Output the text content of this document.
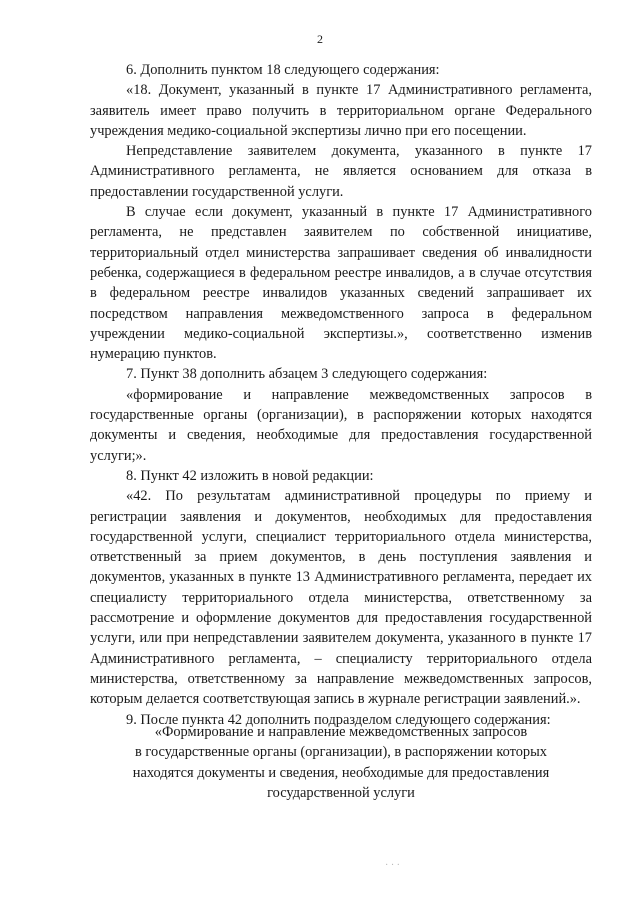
2

6. Дополнить пунктом 18 следующего содержания:

«18. Документ, указанный в пункте 17 Административного регламента, заявитель имеет право получить в территориальном органе Федерального учреждения медико-социальной экспертизы лично при его посещении.

Непредставление заявителем документа, указанного в пункте 17 Административного регламента, не является основанием для отказа в предоставлении государственной услуги.

В случае если документ, указанный в пункте 17 Административного регламента, не представлен заявителем по собственной инициативе, территориальный отдел министерства запрашивает сведения об инвалидности ребенка, содержащиеся в федеральном реестре инвалидов, а в случае отсутствия в федеральном реестре инвалидов указанных сведений запрашивает их посредством направления межведомственного запроса в федеральном учреждении медико-социальной экспертизы.», соответственно изменив нумерацию пунктов.

7. Пункт 38 дополнить абзацем 3 следующего содержания:

«формирование и направление межведомственных запросов в государственные органы (организации), в распоряжении которых находятся документы и сведения, необходимые для предоставления государственной услуги;».

8. Пункт 42 изложить в новой редакции:

«42. По результатам административной процедуры по приему и регистрации заявления и документов, необходимых для предоставления государственной услуги, специалист территориального отдела министерства, ответственный за прием документов, в день поступления заявления и документов, указанных в пункте 13 Административного регламента, передает их специалисту территориального отдела министерства, ответственному за рассмотрение и оформление документов для предоставления государственной услуги, или при непредставлении заявителем документа, указанного в пункте 17 Административного регламента, – специалисту территориального отдела министерства, ответственному за направление межведомственных запросов, которым делается соответствующая запись в журнале регистрации заявлений.».

9. После пункта 42 дополнить подразделом следующего содержания:

«Формирование и направление межведомственных запросов
в государственные органы (организации), в распоряжении которых
находятся документы и сведения, необходимые для предоставления
государственной услуги
· · ·
